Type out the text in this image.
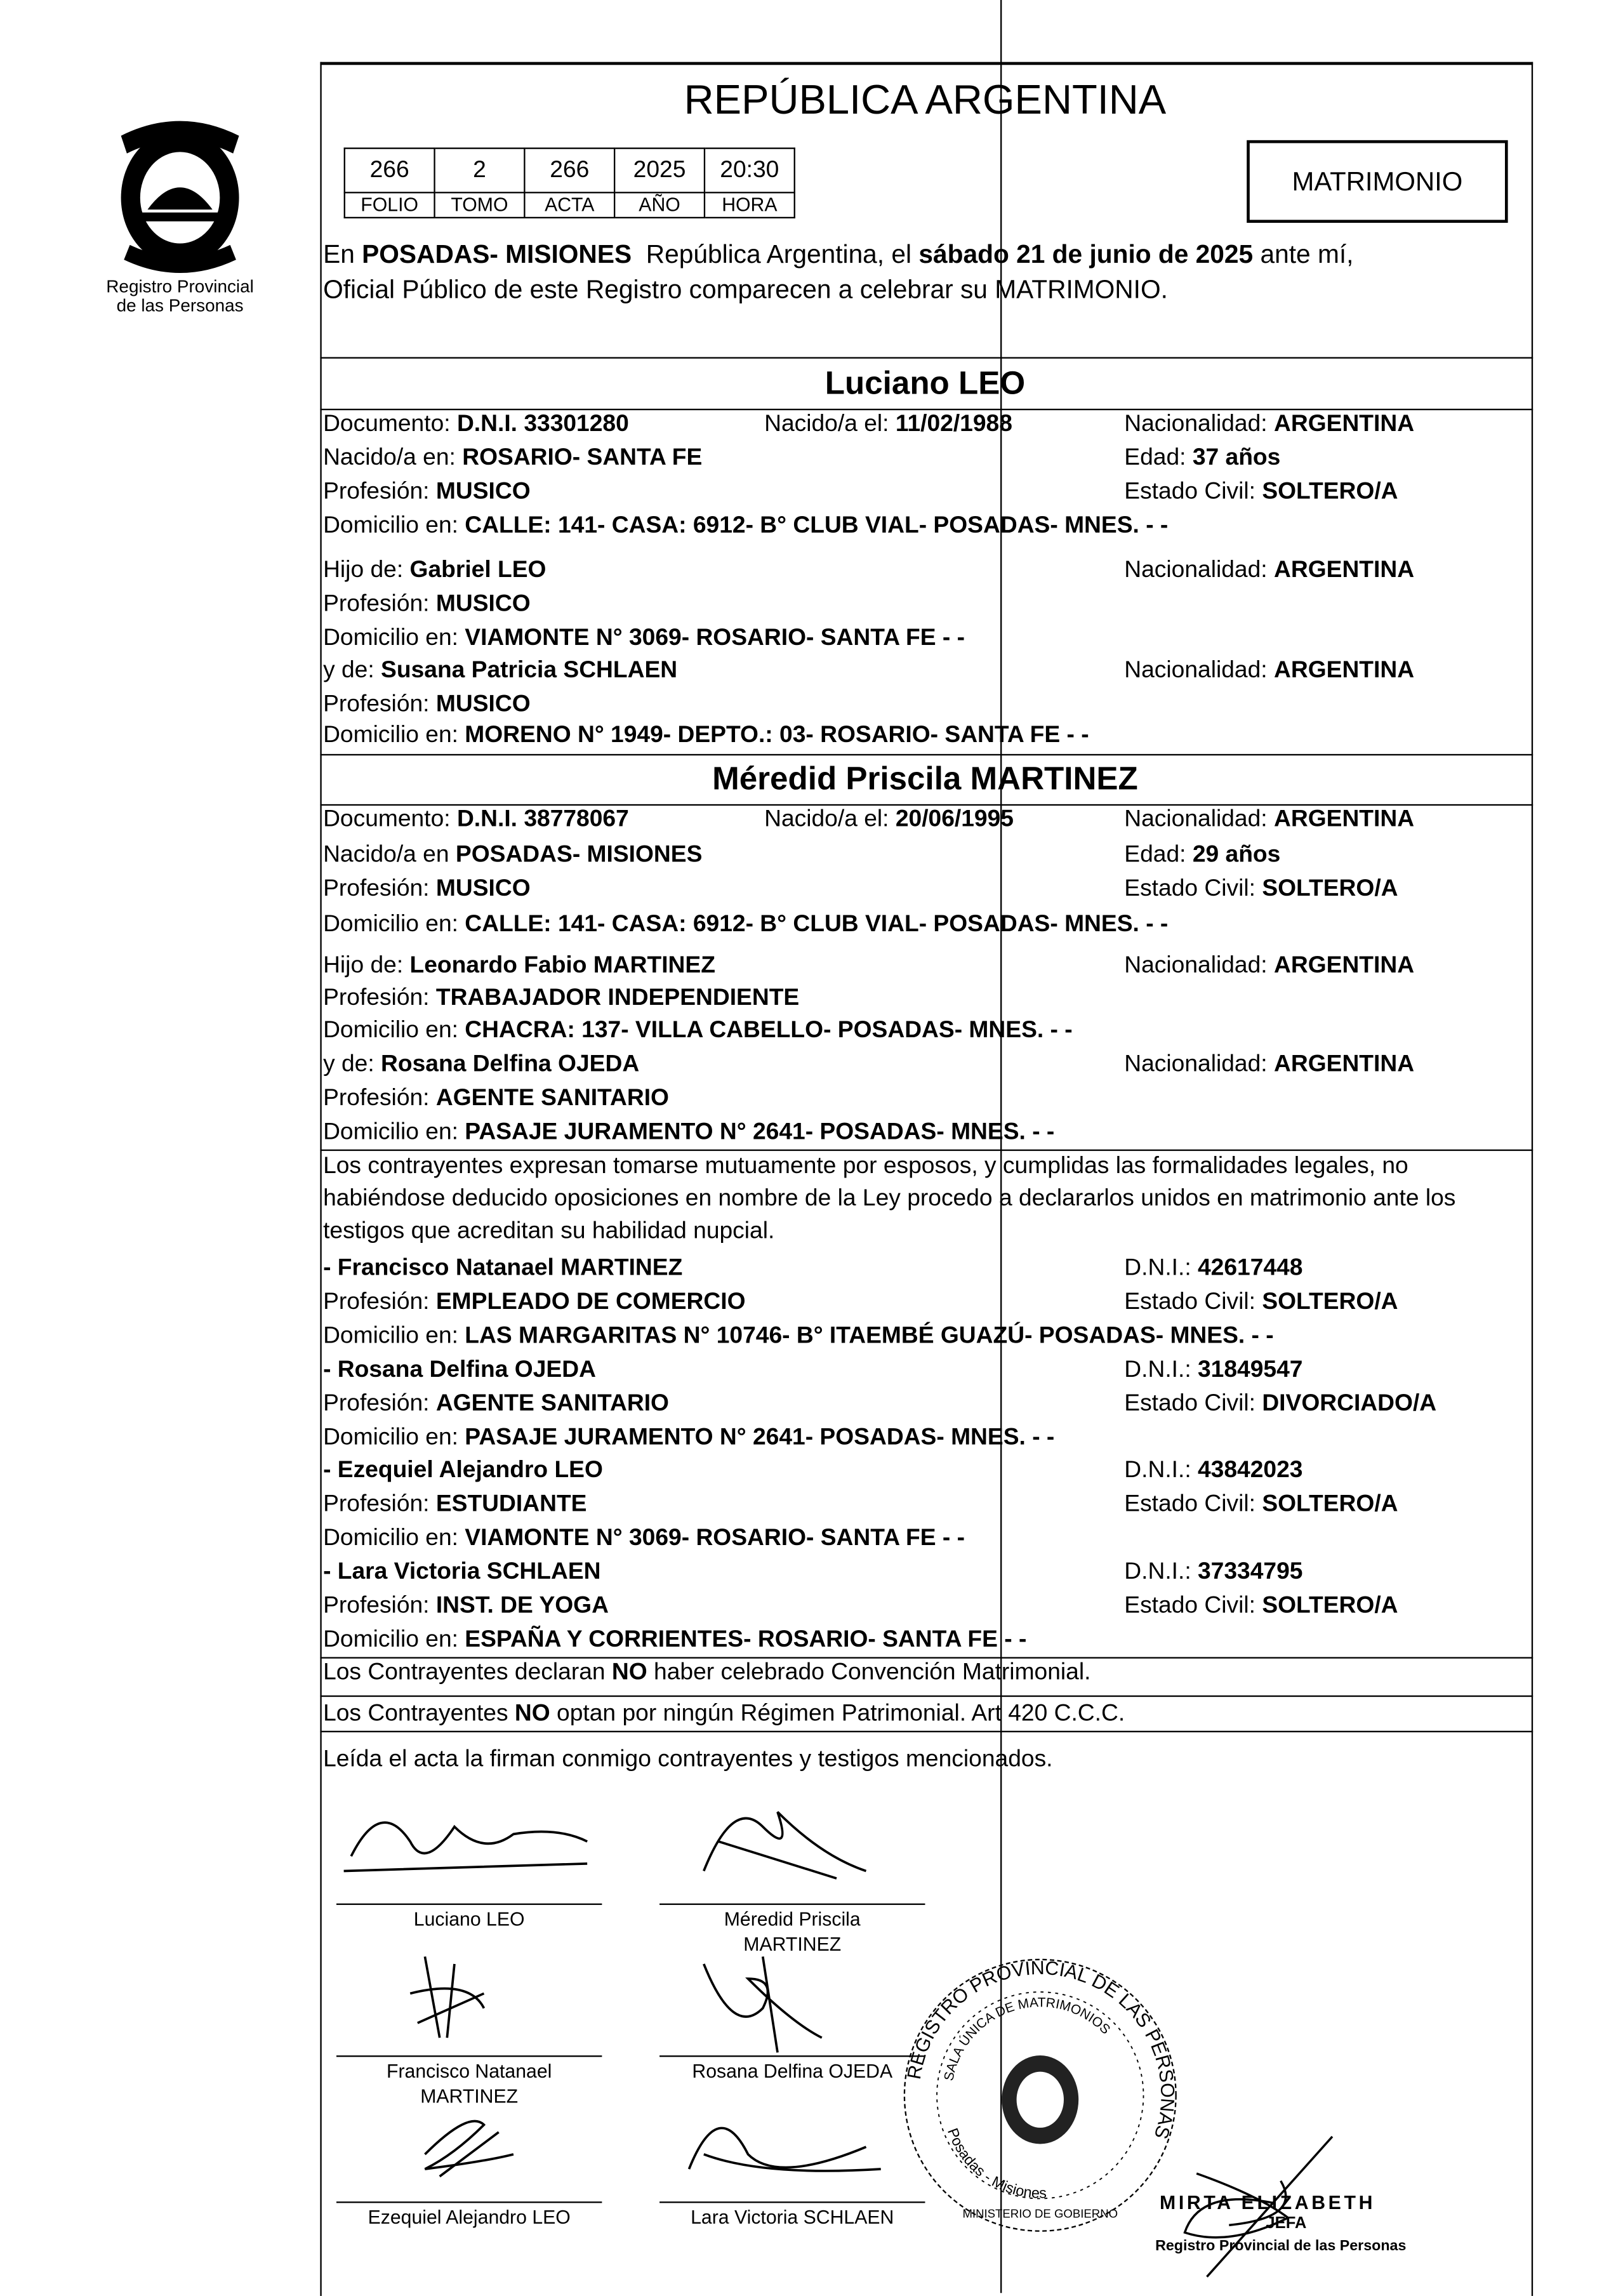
Registro Provincial
de las Personas
REPÚBLICA ARGENTINA
266	2	266	2025	20:30
FOLIO	TOMO	ACTA	AÑO	HORA
MATRIMONIO
En POSADAS- MISIONES  República Argentina, el sábado 21 de junio de 2025 ante mí,
Oficial Público de este Registro comparecen a celebrar su MATRIMONIO.
Luciano LEO
Documento: D.N.I. 33301280	Nacido/a el: 11/02/1988	Nacionalidad: ARGENTINA
Nacido/a en: ROSARIO- SANTA FE	Edad: 37 años
Profesión: MUSICO	Estado Civil: SOLTERO/A
Domicilio en: CALLE: 141- CASA: 6912- B° CLUB VIAL- POSADAS- MNES. - -
Hijo de: Gabriel LEO	Nacionalidad: ARGENTINA
Profesión: MUSICO
Domicilio en: VIAMONTE N° 3069- ROSARIO- SANTA FE - -
y de: Susana Patricia SCHLAEN	Nacionalidad: ARGENTINA
Profesión: MUSICO
Domicilio en: MORENO N° 1949- DEPTO.: 03- ROSARIO- SANTA FE - -
Méredid Priscila MARTINEZ
Documento: D.N.I. 38778067	Nacido/a el: 20/06/1995	Nacionalidad: ARGENTINA
Nacido/a en POSADAS- MISIONES	Edad: 29 años
Profesión: MUSICO	Estado Civil: SOLTERO/A
Domicilio en: CALLE: 141- CASA: 6912- B° CLUB VIAL- POSADAS- MNES. - -
Hijo de: Leonardo Fabio MARTINEZ	Nacionalidad: ARGENTINA
Profesión: TRABAJADOR INDEPENDIENTE
Domicilio en: CHACRA: 137- VILLA CABELLO- POSADAS- MNES. - -
y de: Rosana Delfina OJEDA	Nacionalidad: ARGENTINA
Profesión: AGENTE SANITARIO
Domicilio en: PASAJE JURAMENTO N° 2641- POSADAS- MNES. - -
Los contrayentes expresan tomarse mutuamente por esposos, y cumplidas las formalidades legales, no habiéndose deducido oposiciones en nombre de la Ley procedo a declararlos unidos en matrimonio ante los testigos que acreditan su habilidad nupcial.
- Francisco Natanael MARTINEZ	D.N.I.: 42617448
Profesión: EMPLEADO DE COMERCIO	Estado Civil: SOLTERO/A
Domicilio en: LAS MARGARITAS N° 10746- B° ITAEMBÉ GUAZÚ- POSADAS- MNES. - -
- Rosana Delfina OJEDA	D.N.I.: 31849547
Profesión: AGENTE SANITARIO	Estado Civil: DIVORCIADO/A
Domicilio en: PASAJE JURAMENTO N° 2641- POSADAS- MNES. - -
- Ezequiel Alejandro LEO	D.N.I.: 43842023
Profesión: ESTUDIANTE	Estado Civil: SOLTERO/A
Domicilio en: VIAMONTE N° 3069- ROSARIO- SANTA FE - -
- Lara Victoria SCHLAEN	D.N.I.: 37334795
Profesión: INST. DE YOGA	Estado Civil: SOLTERO/A
Domicilio en: ESPAÑA Y CORRIENTES- ROSARIO- SANTA FE - -
Los Contrayentes declaran NO haber celebrado Convención Matrimonial.
Los Contrayentes NO optan por ningún Régimen Patrimonial. Art 420 C.C.C.
Leída el acta la firman conmigo contrayentes y testigos mencionados.
Luciano LEO	Méredid Priscila
MARTINEZ
Francisco Natanael
MARTINEZ
Rosana Delfina OJEDA
Ezequiel Alejandro LEO	Lara Victoria SCHLAEN
REGISTRO PROVINCIAL DE LAS PERSONAS
SALA ÚNICA DE MATRIMONIOS
Posadas - Misiones
MINISTERIO DE GOBIERNO
MIRTA ELIZABETH
JEFA
Registro Provincial de las Personas
